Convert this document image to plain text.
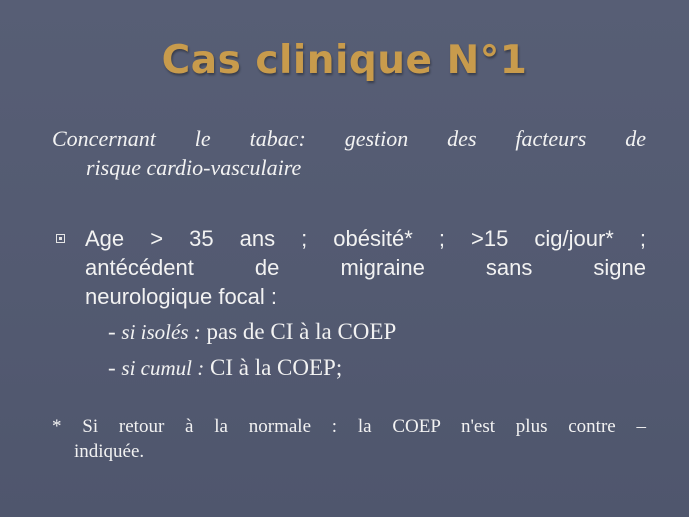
Cas clinique N°1
Concernant le tabac: gestion des facteurs de
risque cardio-vasculaire
Age > 35 ans ; obésité* ; >15 cig/jour* ;
antécédent de migraine sans signe
neurologique focal :
- si isolés : pas de CI à la COEP
- si cumul : CI à la COEP;
* Si retour à la normale : la COEP n'est plus contre –
indiquée.
